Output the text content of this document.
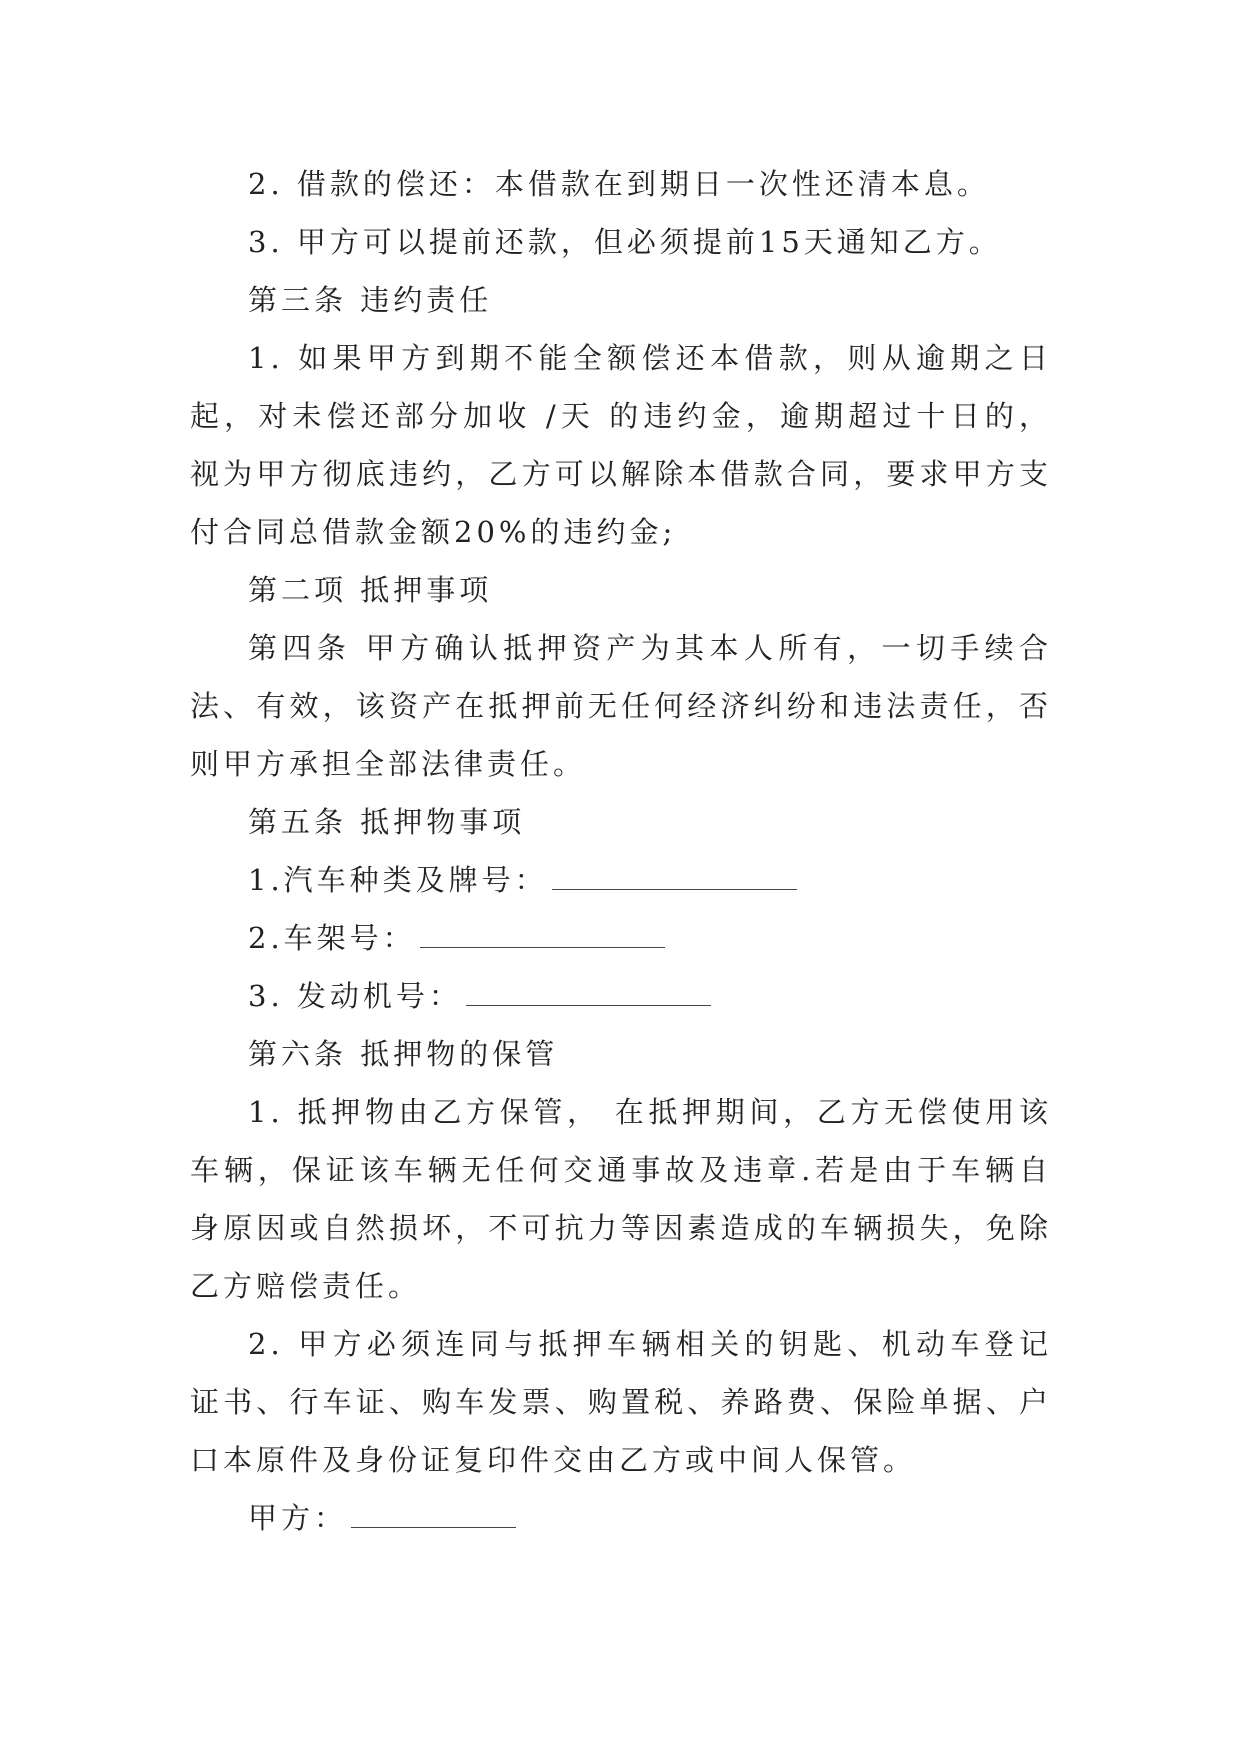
2. 借款的偿还：本借款在到期日一次性还清本息。

3. 甲方可以提前还款，但必须提前15天通知乙方。

第三条 违约责任

1. 如果甲方到期不能全额偿还本借款，则从逾期之日起，对未偿还部分加收 /天 的违约金，逾期超过十日的，视为甲方彻底违约，乙方可以解除本借款合同，要求甲方支付合同总借款金额20%的违约金;

第二项 抵押事项

第四条 甲方确认抵押资产为其本人所有，一切手续合法、有效，该资产在抵押前无任何经济纠纷和违法责任，否则甲方承担全部法律责任。

第五条 抵押物事项

1.汽车种类及牌号：

2.车架号：

3. 发动机号：

第六条 抵押物的保管

1. 抵押物由乙方保管， 在抵押期间，乙方无偿使用该车辆，保证该车辆无任何交通事故及违章.若是由于车辆自身原因或自然损坏，不可抗力等因素造成的车辆损失，免除乙方赔偿责任。

2. 甲方必须连同与抵押车辆相关的钥匙、机动车登记证书、行车证、购车发票、购置税、养路费、保险单据、户口本原件及身份证复印件交由乙方或中间人保管。

甲方：
